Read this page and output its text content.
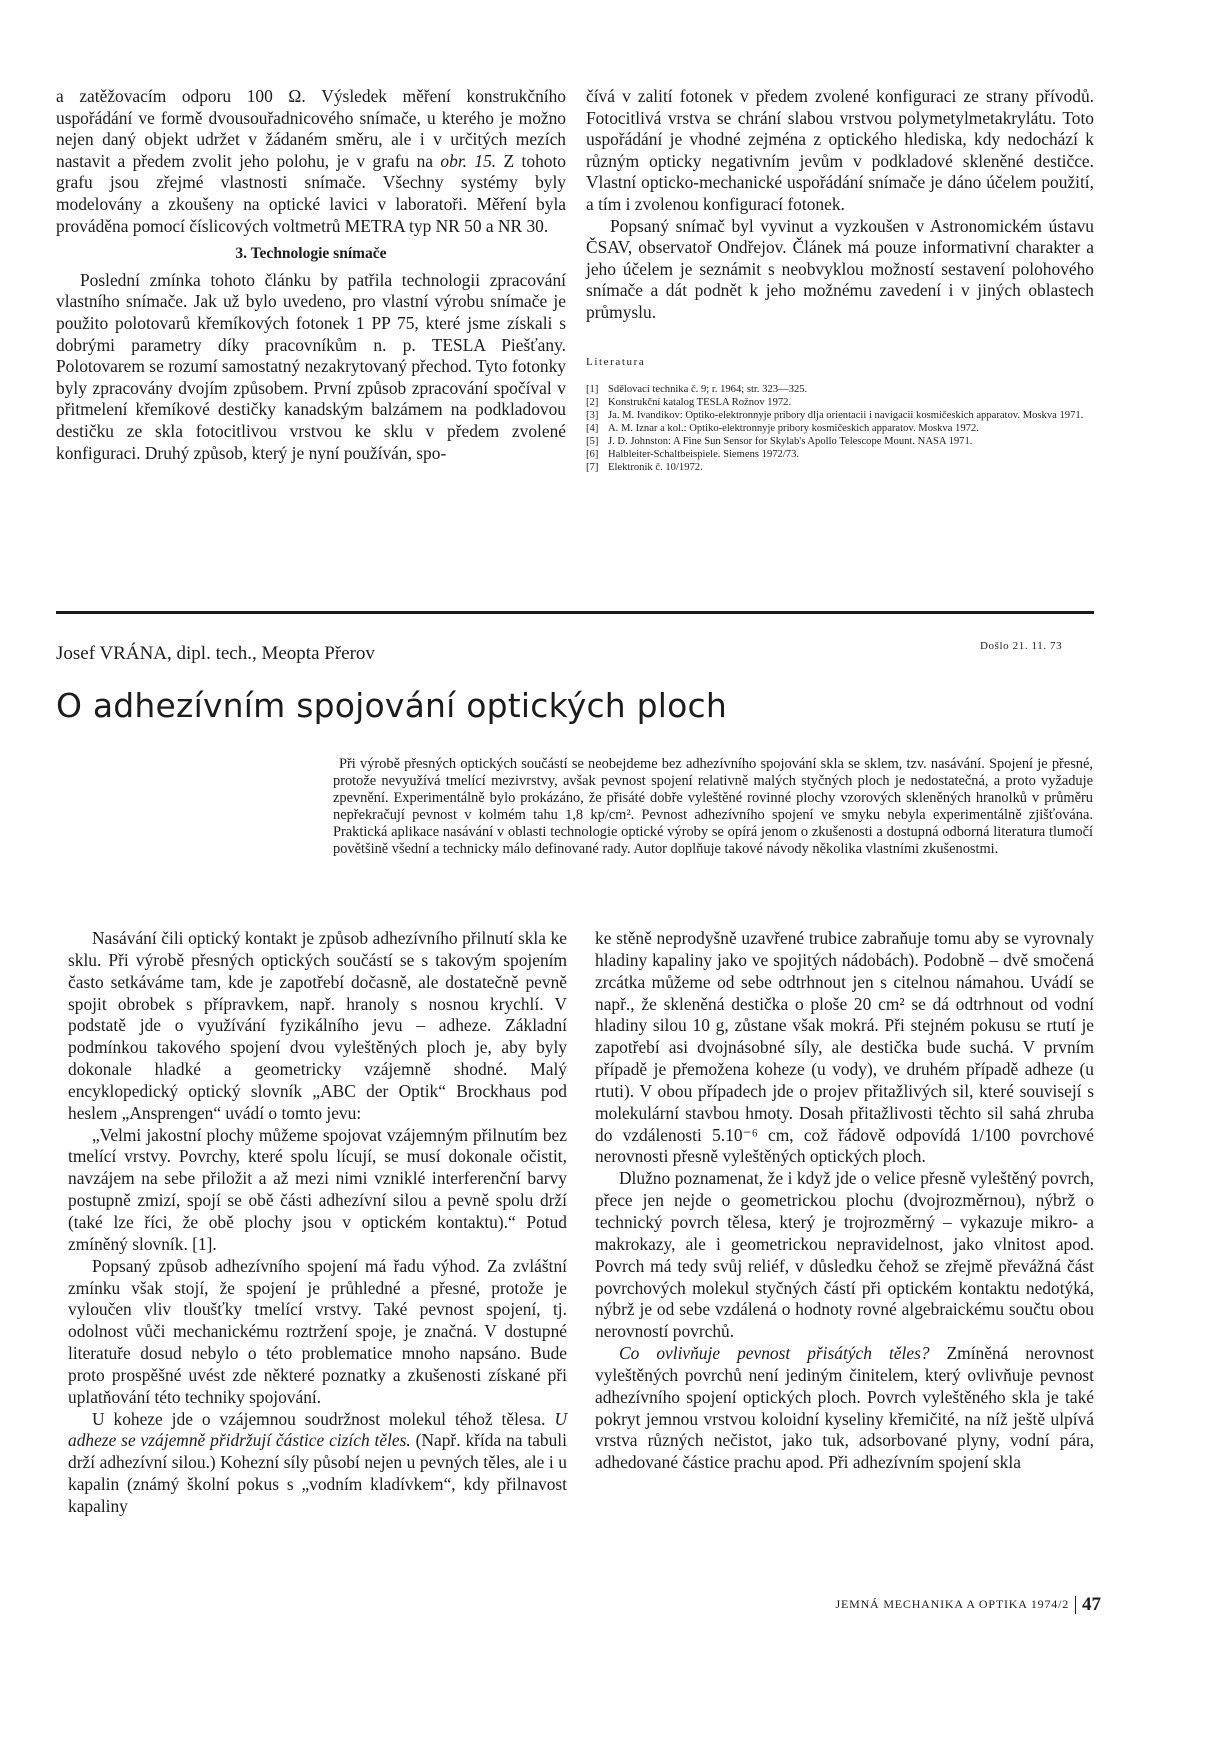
a zatěžovacím odporu 100 Ω. Výsledek měření konstrukčního uspořádání ve formě dvousouřadnicového snímače, u kterého je možno nejen daný objekt udržet v žádaném směru, ale i v určitých mezích nastavit a předem zvolit jeho polohu, je v grafu na obr. 15. Z tohoto grafu jsou zřejmé vlastnosti snímače. Všechny systémy byly modelovány a zkoušeny na optické lavici v laboratoři. Měření byla prováděna pomocí číslicových voltmetrů METRA typ NR 50 a NR 30.

3. Technologie snímače

Poslední zmínka tohoto článku by patřila technologii zpracování vlastního snímače. Jak už bylo uvedeno, pro vlastní výrobu snímače je použito polotovarů křemíkových fotonek 1 PP 75, které jsme získali s dobrými parametry díky pracovníkům n. p. TESLA Piešťany. Polotovarem se rozumí samostatný nezakrytovaný přechod. Tyto fotonky byly zpracovány dvojím způsobem. První způsob zpracování spočíval v přitmelení křemíkové destičky kanadským balzámem na podkladovou destičku ze skla fotocitlivou vrstvou ke sklu v předem zvolené konfiguraci. Druhý způsob, který je nyní používán, spo-

čívá v zalití fotonek v předem zvolené konfiguraci ze strany přívodů. Fotocitlivá vrstva se chrání slabou vrstvou polymetylmetakrylátu. Toto uspořádání je vhodné zejména z optického hlediska, kdy nedochází k různým opticky negativním jevům v podkladové skleněné destičce. Vlastní opticko-mechanické uspořádání snímače je dáno účelem použití, a tím i zvolenou konfigurací fotonek.

Popsaný snímač byl vyvinut a vyzkoušen v Astronomickém ústavu ČSAV, observatoř Ondřejov. Článek má pouze informativní charakter a jeho účelem je seznámit s neobvyklou možností sestavení polohového snímače a dát podnět k jeho možnému zavedení i v jiných oblastech průmyslu.

Literatura

[1] Sdělovací technika č. 9; r. 1964; str. 323—325.
[2] Konstrukční katalog TESLA Rožnov 1972.
[3] Ja. M. Ivandikov: Optiko-elektronnyje pribory dlja orientacii i navigacii kosmičeskich apparatov. Moskva 1971.
[4] A. M. Iznar a kol.: Optiko-elektronnyje pribory kosmičeskich apparatov. Moskva 1972.
[5] J. D. Johnston: A Fine Sun Sensor for Skylab's Apollo Telescope Mount. NASA 1971.
[6] Halbleiter-Schaltbeispiele. Siemens 1972/73.
[7] Elektronik č. 10/1972.
Josef VRÁNA, dipl. tech., Meopta Přerov	Došlo 21. 11. 73
O adhezívním spojování optických ploch

Při výrobě přesných optických součástí se neobejdeme bez adhezívního spojování skla se sklem, tzv. nasávání. Spojení je přesné, protože nevyužívá tmelící mezivrstvy, avšak pevnost spojení relativně malých styčných ploch je nedostatečná, a proto vyžaduje zpevnění. Experimentálně bylo prokázáno, že přisáté dobře vyleštěné rovinné plochy vzorových skleněných hranolků v průměru nepřekračují pevnost v kolmém tahu 1,8 kp/cm². Pevnost adhezívního spojení ve smyku nebyla experimentálně zjišťována. Praktická aplikace nasávání v oblasti technologie optické výroby se opírá jenom o zkušenosti a dostupná odborná literatura tlumočí povětšině všední a technicky málo definované rady. Autor doplňuje takové návody několika vlastními zkušenostmi.

Nasávání čili optický kontakt je způsob adhezívního přilnutí skla ke sklu. Při výrobě přesných optických součástí se s takovým spojením často setkáváme tam, kde je zapotřebí dočasně, ale dostatečně pevně spojit obrobek s přípravkem, např. hranoly s nosnou krychlí. V podstatě jde o využívání fyzikálního jevu – adheze. Základní podmínkou takového spojení dvou vyleštěných ploch je, aby byly dokonale hladké a geometricky vzájemně shodné. Malý encyklopedický optický slovník „ABC der Optik“ Brockhaus pod heslem „Ansprengen“ uvádí o tomto jevu:

„Velmi jakostní plochy můžeme spojovat vzájemným přilnutím bez tmelící vrstvy. Povrchy, které spolu lícují, se musí dokonale očistit, navzájem na sebe přiložit a až mezi nimi vzniklé interferenční barvy postupně zmizí, spojí se obě části adhezívní silou a pevně spolu drží (také lze říci, že obě plochy jsou v optickém kontaktu).“ Potud zmíněný slovník. [1].

Popsaný způsob adhezívního spojení má řadu výhod. Za zvláštní zmínku však stojí, že spojení je průhledné a přesné, protože je vyloučen vliv tloušťky tmelící vrstvy. Také pevnost spojení, tj. odolnost vůči mechanickému roztržení spoje, je značná. V dostupné literatuře dosud nebylo o této problematice mnoho napsáno. Bude proto prospěšné uvést zde některé poznatky a zkušenosti získané při uplatňování této techniky spojování.

U koheze jde o vzájemnou soudržnost molekul téhož tělesa. U adheze se vzájemně přidržují částice cizích těles. (Např. křída na tabuli drží adhezívní silou.) Kohezní síly působí nejen u pevných těles, ale i u kapalin (známý školní pokus s „vodním kladívkem“, kdy přilnavost kapaliny

ke stěně neprodyšně uzavřené trubice zabraňuje tomu aby se vyrovnaly hladiny kapaliny jako ve spojitých nádobách). Podobně – dvě smočená zrcátka můžeme od sebe odtrhnout jen s citelnou námahou. Uvádí se např., že skleněná destička o ploše 20 cm² se dá odtrhnout od vodní hladiny silou 10 g, zůstane však mokrá. Při stejném pokusu se rtutí je zapotřebí asi dvojnásobné síly, ale destička bude suchá. V prvním případě je přemožena koheze (u vody), ve druhém případě adheze (u rtuti). V obou případech jde o projev přitažlivých sil, které souvisejí s molekulární stavbou hmoty. Dosah přitažlivosti těchto sil sahá zhruba do vzdálenosti 5.10⁻⁶ cm, což řádově odpovídá 1/100 povrchové nerovnosti přesně vyleštěných optických ploch.

Dlužno poznamenat, že i když jde o velice přesně vyleštěný povrch, přece jen nejde o geometrickou plochu (dvojrozměrnou), nýbrž o technický povrch tělesa, který je trojrozměrný – vykazuje mikro- a makrokazy, ale i geometrickou nepravidelnost, jako vlnitost apod. Povrch má tedy svůj reliéf, v důsledku čehož se zřejmě převážná část povrchových molekul styčných částí při optickém kontaktu nedotýká, nýbrž je od sebe vzdálená o hodnoty rovné algebraickému součtu obou nerovností povrchů.

Co ovlivňuje pevnost přisátých těles? Zmíněná nerovnost vyleštěných povrchů není jediným činitelem, který ovlivňuje pevnost adhezívního spojení optických ploch. Povrch vyleštěného skla je také pokryt jemnou vrstvou koloidní kyseliny křemičité, na níž ještě ulpívá vrstva různých nečistot, jako tuk, adsorbované plyny, vodní pára, adhedované částice prachu apod. Při adhezívním spojení skla

JEMNÁ MECHANIKA A OPTIKA 1974/2 47
